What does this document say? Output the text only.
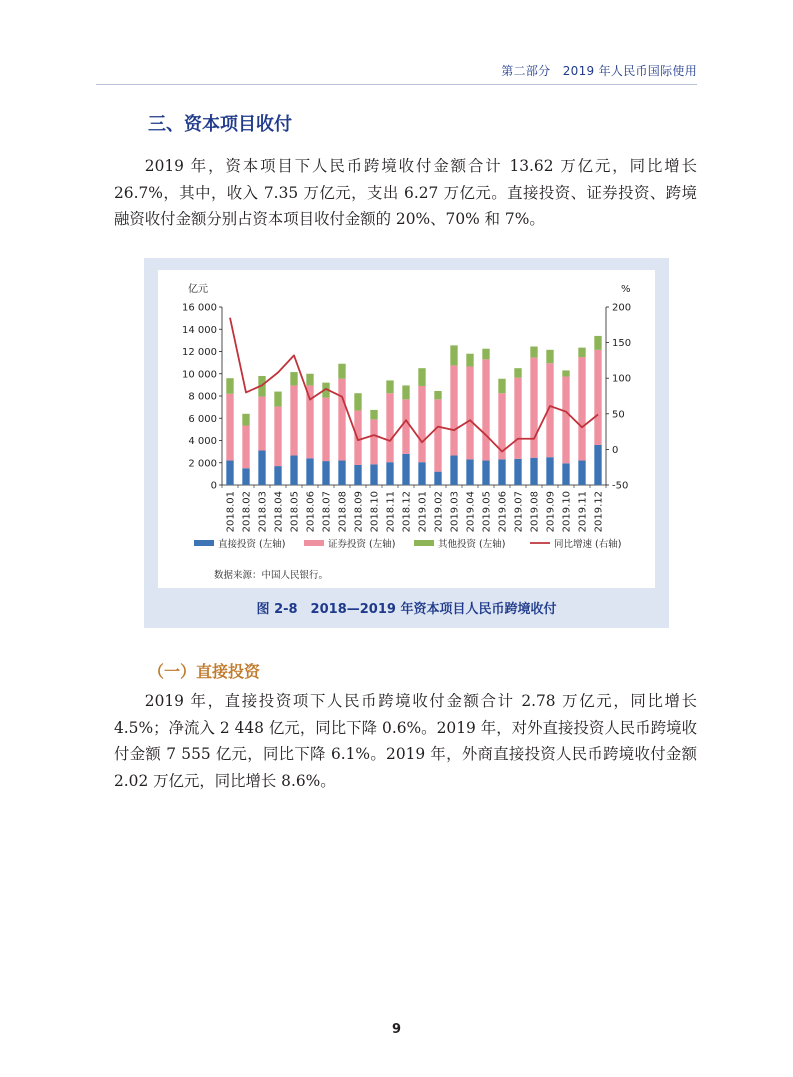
第二部分　2019 年人民币国际使用
三、资本项目收付

2019 年，资本项目下人民币跨境收付金额合计 13.62 万亿元，同比增长 26.7%，其中，收入 7.35 万亿元，支出 6.27 万亿元。直接投资、证券投资、跨境融资收付金额分别占资本项目收付金额的 20%、70% 和 7%。

亿元	%
0
2 000
4 000
6 000
8 000
10 000
12 000
14 000
16 000
-50
0
50
100
150
200
2018.01 2018.02 2018.03 2018.04 2018.05 2018.06 2018.07 2018.08 2018.09 2018.10 2018.11 2018.12 2019.01 2019.02 2019.03 2019.04 2019.05 2019.06 2019.07 2019.08 2019.09 2019.10 2019.11 2019.12
直接投资 (左轴)	证券投资 (左轴)	其他投资 (左轴)	同比增速 (右轴)
数据来源：中国人民银行。
图 2-8　2018—2019 年资本项目人民币跨境收付
（一）直接投资

2019 年，直接投资项下人民币跨境收付金额合计 2.78 万亿元，同比增长 4.5%；净流入 2 448 亿元，同比下降 0.6%。2019 年，对外直接投资人民币跨境收付金额 7 555 亿元，同比下降 6.1%。2019 年，外商直接投资人民币跨境收付金额 2.02 万亿元，同比增长 8.6%。

9
